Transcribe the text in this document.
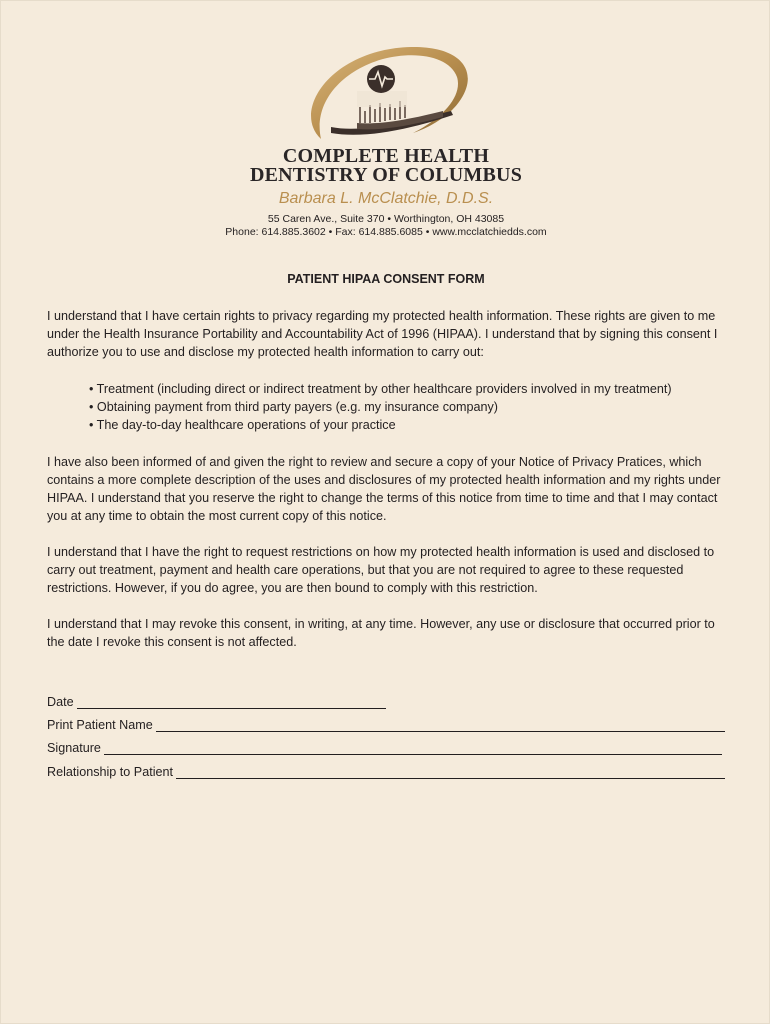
COMPLETE HEALTH
DENTISTRY OF COLUMBUS
Barbara L. McClatchie, D.D.S.
55 Caren Ave., Suite 370 • Worthington, OH 43085
Phone: 614.885.3602 • Fax: 614.885.6085 • www.mcclatchiedds.com
PATIENT HIPAA CONSENT FORM
I understand that I have certain rights to privacy regarding my protected health information. These rights are given to me under the Health Insurance Portability and Accountability Act of 1996 (HIPAA). I understand that by signing this consent I authorize you to use and disclose my protected health information to carry out:
• Treatment (including direct or indirect treatment by other healthcare providers involved in my treatment)
• Obtaining payment from third party payers (e.g. my insurance company)
• The day-to-day healthcare operations of your practice
I have also been informed of and given the right to review and secure a copy of your Notice of Privacy Pratices, which contains a more complete description of the uses and disclosures of my protected health information and my rights under HIPAA. I understand that you reserve the right to change the terms of this notice from time to time and that I may contact you at any time to obtain the most current copy of this notice.
I understand that I have the right to request restrictions on how my protected health information is used and disclosed to carry out treatment, payment and health care operations, but that you are not required to agree to these requested restrictions. However, if you do agree, you are then bound to comply with this restriction.
I understand that I may revoke this consent, in writing, at any time. However, any use or disclosure that occurred prior to the date I revoke this consent is not affected.
Date
Print Patient Name
Signature
Relationship to Patient
